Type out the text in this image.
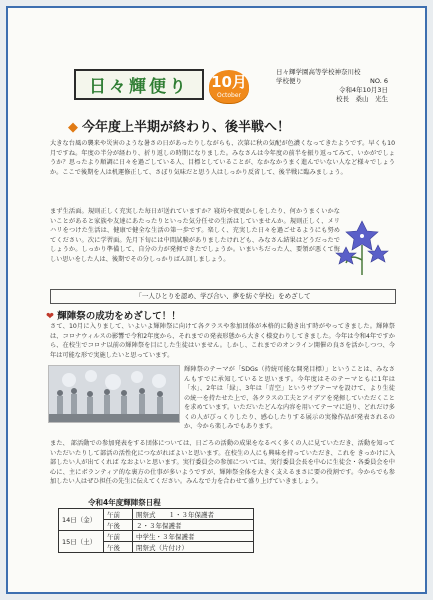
日々輝便り	10月
October
日々輝学園高等学校神奈川校
学校便り	NO. 6
令和4年10月3日
校長　 桑山　光生
◆ 今年度上半期が終わり、後半戦へ！
大きな台風の襲来や災害のような暑さの日があったりしながらも、次第に秋の気配が色濃くなってきたようです。早くも10月ですね。年度の半分が経わり、折り返しの時期になりました。みなさんは今年度の前半を振り返ってみて、いかがでしょうか？思ったより順調に日々を過ごしている人、目標としていることが、なかなかうまく進んでいない人など様々でしょうか。ここで後期を人は机運修正して、さぼり気味だと思う人はしっかり反省して、後半戦に臨みましょう。
まず生活面。規則正しく充実した毎日が送れていますか？寝坊や夜更かしをしたり、何かうまくいかないことがあると家族や友達にあたったりといった気分任せの生活はしていませんか。規則正しく、メリハリをつけた生活は、健康で健全な生活の第一歩です。楽しく、充実した日々を過ごせるようにも努めてください。次に学習面。先月下旬には中間試験がありましたけれども、みなさん結果はどうだったでしょうか。しっかり準備して、自分の力が発揮できたでしょうか。いまいちだった人、要領が悪くて悔しい思いをした人は、後期でその分しっかりばん回しましょう。
「一人ひとりを認め、学び合い、夢を紡ぐ学校」をめざして
❤ 輝陣祭の成功をめざして！！
さて、10月に入りまして、いよいよ輝陣祭に向けて各クラスや参加団体が本格的に動き出す時がやってきました。輝陣祭は、コロナウィルスの影響で令和2年度から、それまでの発表形態から大きく様変わりしてきました。今年は令和4年ですから、在校生でコロナ以前の輝陣祭を目にした生徒はいません。しかし、これまでのオンライン開催の良さを活かしつつ、今年は可能な形で実施したいと思っています。
輝陣祭のテーマが「SDGs（持続可能な開発目標）」ということは、みなさんもすでに承知していると思います。今年度はそのテーマともに1年は「水」、2年は「緑」、3年は「青空」というサブテーマを設けて、より生徒の統一を持たせた上で、各クラスの工夫とアイデアを発揮していただくことを求めています。いただいたどんな内容を用いてテーマに迫り、どれだけ多くの人がびっくりしたり、感心したりする展示の実像作品が発表されるのか、今から楽しみでもあります。
また、 部活動での参加発表をする団体については、日ごろの活動の成果をなるべく多くの人に見ていただき、活動を知っていただいたりして部活の活性化につながればよいと思います。在校生の人にも興味を持っていただき、これを きっかけに入部したい人が出てくれば なおよいと思います。実行委員会の参加については、実行委員会長を中心に生徒会・各委員会を中心に、主にボランティア的な裏方の仕事が多いようですが、輝陣祭全体を大きく支えるまさに要の役割です。今からでも参加したい人はぜひ担任の先生に伝えてください。みんなで力を合わせて盛り上げていきましょう。
令和4年度輝陣祭日程
14日（金）	午前	開祭式　　１・３年保護者
	午後	２・３年保護者
15日（土）	午前	中学生・３年保護者
	午後	閉祭式（片付け）
